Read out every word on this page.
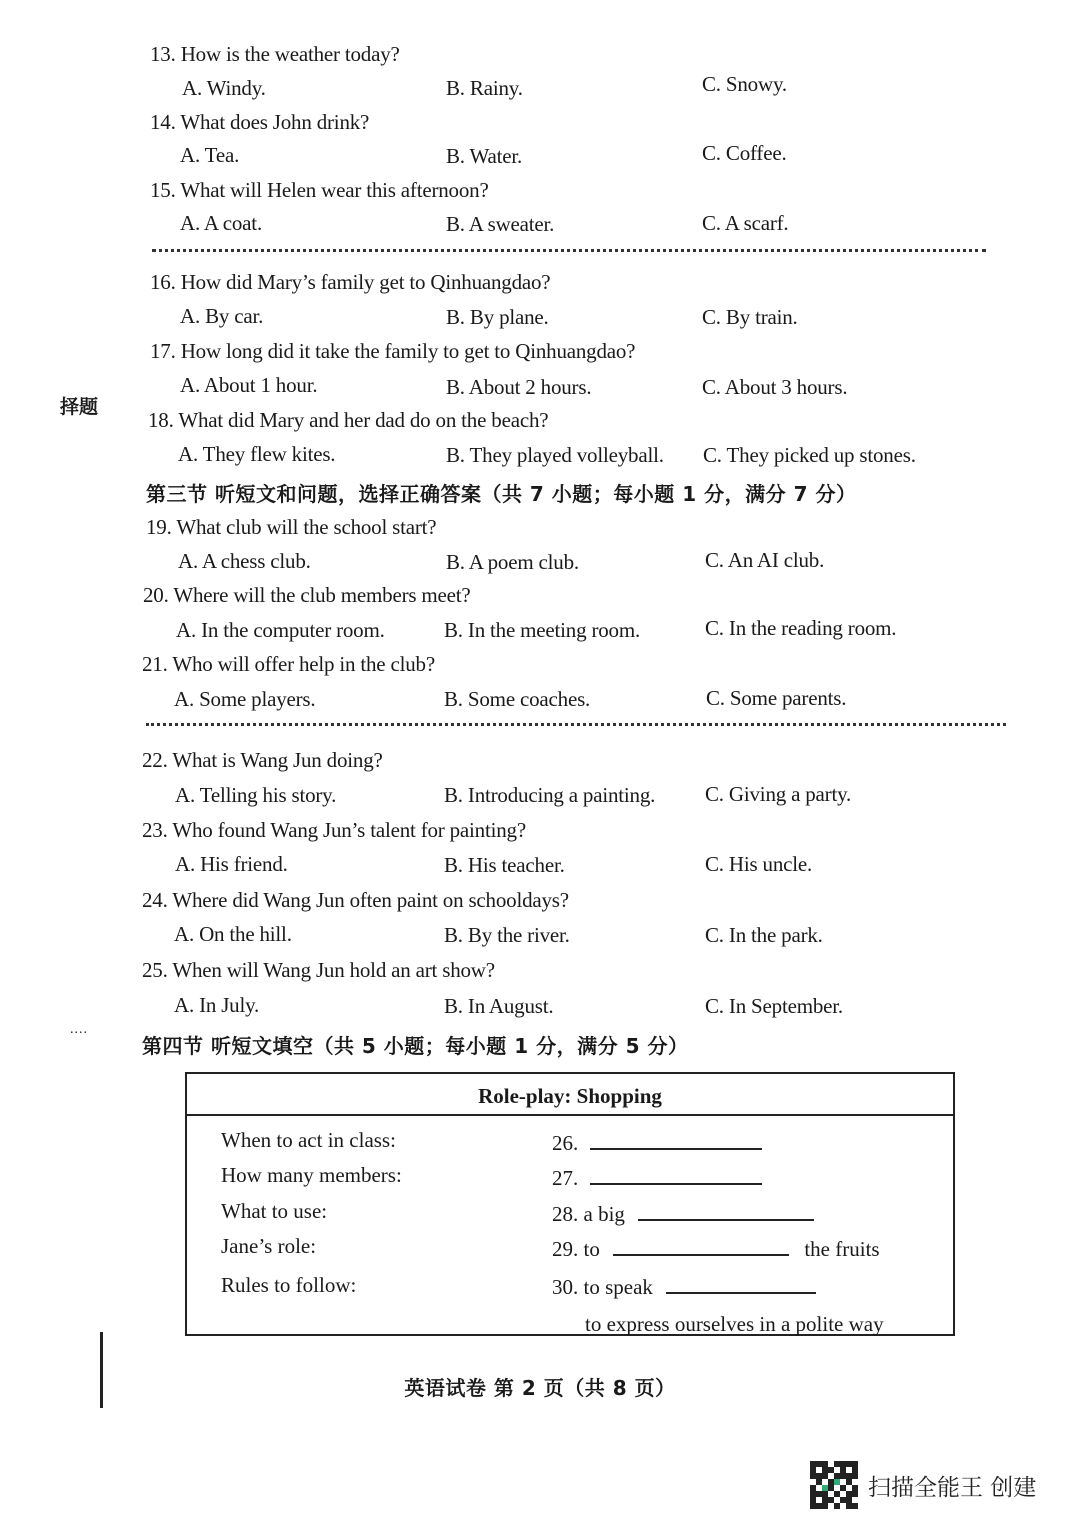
13. How is the weather today?
A. Windy.	B. Rainy.	C. Snowy.
14. What does John drink?
A. Tea.	B. Water.	C. Coffee.
15. What will Helen wear this afternoon?
A. A coat.	B. A sweater.	C. A scarf.
16. How did Mary’s family get to Qinhuangdao?
A. By car.	B. By plane.	C. By train.
17. How long did it take the family to get to Qinhuangdao?
A. About 1 hour.	B. About 2 hours.	C. About 3 hours.
择题
18. What did Mary and her dad do on the beach?
A. They flew kites.	B. They played volleyball. C. They picked up stones.
第三节 听短文和问题，选择正确答案（共 7 小题；每小题 1 分，满分 7 分）
19. What club will the school start?
A. A chess club.	B. A poem club.	C. An AI club.
20. Where will the club members meet?
A. In the computer room.	B. In the meeting room.	C. In the reading room.
21. Who will offer help in the club?
A. Some players.	B. Some coaches.	C. Some parents.
22. What is Wang Jun doing?
A. Telling his story.	B. Introducing a painting. C. Giving a party.
23. Who found Wang Jun’s talent for painting?
A. His friend.	B. His teacher.	C. His uncle.
24. Where did Wang Jun often paint on schooldays?
A. On the hill.	B. By the river.	C. In the park.
25. When will Wang Jun hold an art show?
A. In July.	B. In August.	C. In September.
....
第四节 听短文填空（共 5 小题；每小题 1 分，满分 5 分）
Role-play: Shopping
When to act in class:	26.
How many members:	27.
What to use:	28. a big
Jane’s role:	29. to	the fruits
Rules to follow:	30. to speak
to express ourselves in a polite way
英语试卷 第 2 页（共 8 页）
扫描全能王 创建
